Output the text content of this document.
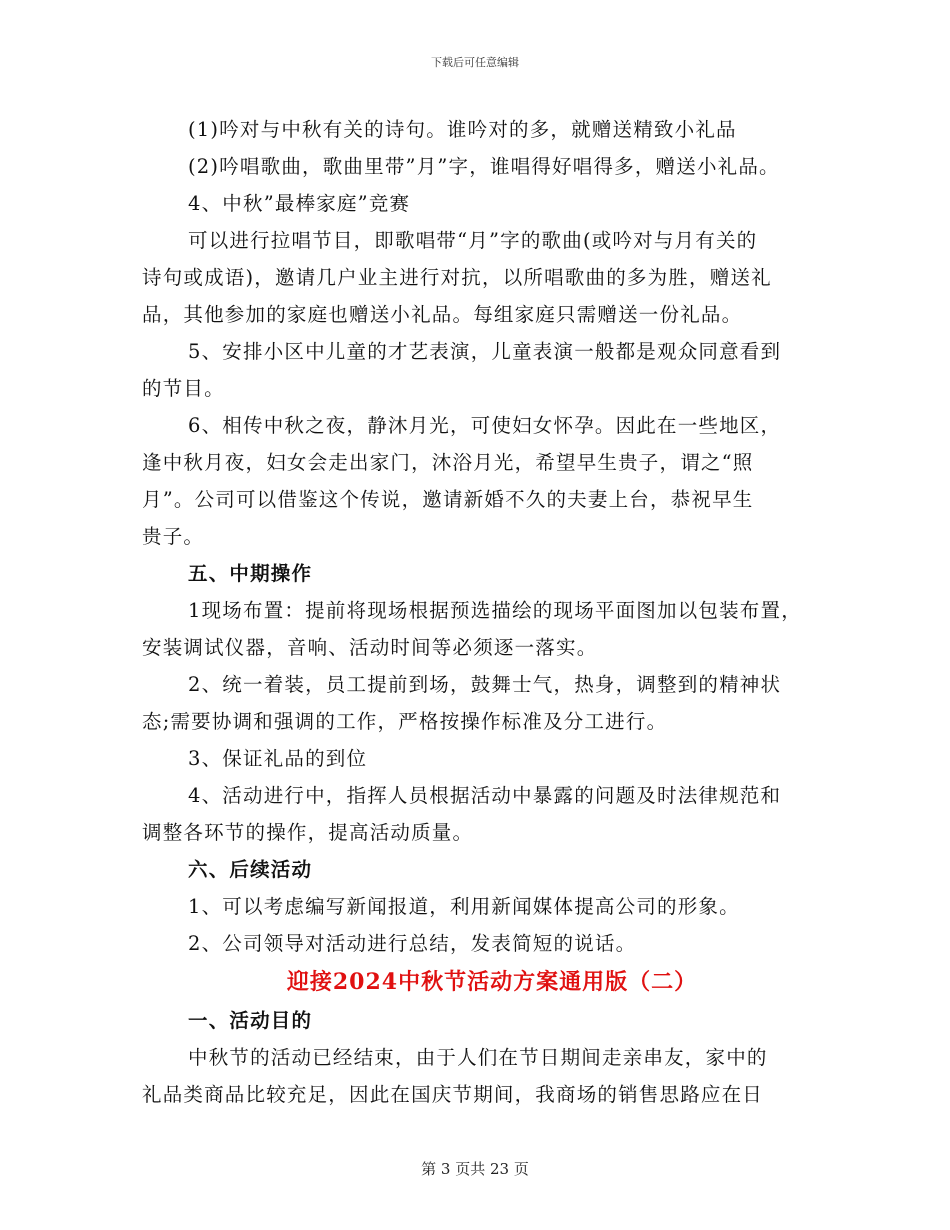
下载后可任意编辑

(1)吟对与中秋有关的诗句。谁吟对的多，就赠送精致小礼品

(2)吟唱歌曲，歌曲里带”月”字，谁唱得好唱得多，赠送小礼品。

4、中秋”最棒家庭”竞赛

可以进行拉唱节目，即歌唱带“月”字的歌曲(或吟对与月有关的

诗句或成语)，邀请几户业主进行对抗，以所唱歌曲的多为胜，赠送礼

品，其他参加的家庭也赠送小礼品。每组家庭只需赠送一份礼品。

5、安排小区中儿童的才艺表演，儿童表演一般都是观众同意看到

的节目。

6、相传中秋之夜，静沐月光，可使妇女怀孕。因此在一些地区，

逢中秋月夜，妇女会走出家门，沐浴月光，希望早生贵子，谓之“照

月”。公司可以借鉴这个传说，邀请新婚不久的夫妻上台，恭祝早生

贵子。

五、中期操作

1现场布置：提前将现场根据预选描绘的现场平面图加以包装布置，

安装调试仪器，音响、活动时间等必须逐一落实。

2、统一着装，员工提前到场，鼓舞士气，热身，调整到的精神状

态;需要协调和强调的工作，严格按操作标准及分工进行。

3、保证礼品的到位

4、活动进行中，指挥人员根据活动中暴露的问题及时法律规范和

调整各环节的操作，提高活动质量。

六、后续活动

1、可以考虑编写新闻报道，利用新闻媒体提高公司的形象。

2、公司领导对活动进行总结，发表简短的说话。

迎接2024中秋节活动方案通用版（二）

一、活动目的

中秋节的活动已经结束，由于人们在节日期间走亲串友，家中的

礼品类商品比较充足，因此在国庆节期间，我商场的销售思路应在日

第 3 页共 23 页
